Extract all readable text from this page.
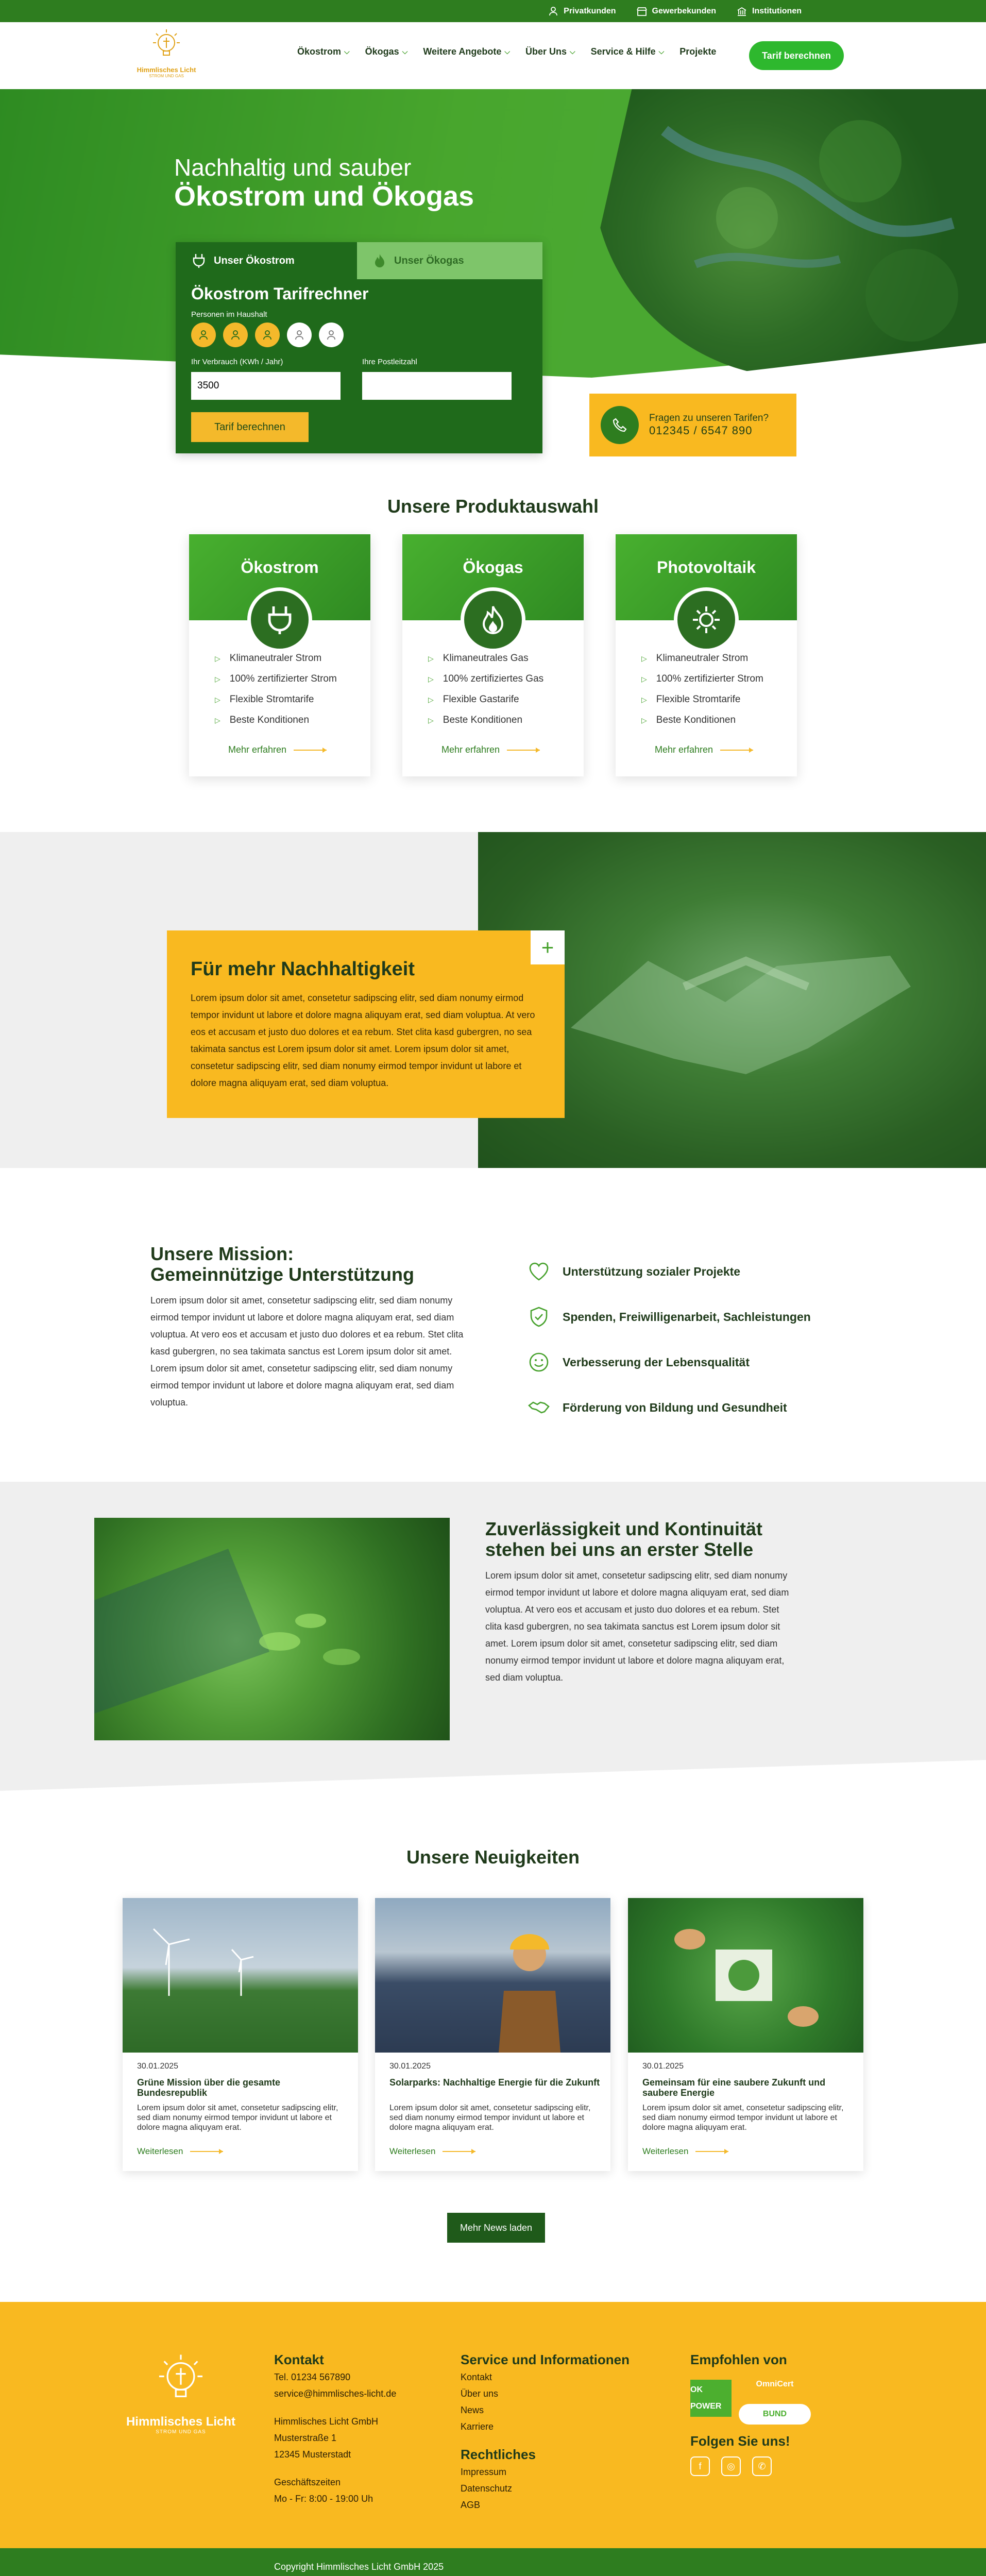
Privatkunden	Gewerbekunden	Institutionen
Himmlisches Licht
STROM UND GAS
Ökostrom ⌵ Ökogas ⌵ Weitere Angebote ⌵ Über Uns ⌵ Service & Hilfe ⌵ Projekte	Tarif berechnen
Nachhaltig und sauber
Ökostrom und Ökogas
Unser Ökostrom	Unser Ökogas
Ökostrom Tarifrechner
Personen im Haushalt
Ihr Verbrauch (KWh / Jahr)	Ihre Postleitzahl
3500
Tarif berechnen
Fragen zu unseren Tarifen?
012345 / 6547 890
Unsere Produktauswahl
Ökostrom
▷ Klimaneutraler Strom
▷ 100% zertifizierter Strom
▷ Flexible Stromtarife
▷ Beste Konditionen
Mehr erfahren
Ökogas
▷ Klimaneutrales Gas
▷ 100% zertifiziertes Gas
▷ Flexible Gastarife
▷ Beste Konditionen
Mehr erfahren
Photovoltaik
▷ Klimaneutraler Strom
▷ 100% zertifizierter Strom
▷ Flexible Stromtarife
▷ Beste Konditionen
Mehr erfahren
Für mehr Nachhaltigkeit

Lorem ipsum dolor sit amet, consetetur sadipscing elitr, sed diam nonumy eirmod tempor invidunt ut labore et dolore magna aliquyam erat, sed diam voluptua. At vero eos et accusam et justo duo dolores et ea rebum. Stet clita kasd gubergren, no sea takimata sanctus est Lorem ipsum dolor sit amet. Lorem ipsum dolor sit amet, consetetur sadipscing elitr, sed diam nonumy eirmod tempor invidunt ut labore et dolore magna aliquyam erat, sed diam voluptua.

+
Unsere Mission:
Gemeinnützige Unterstützung
Lorem ipsum dolor sit amet, consetetur sadipscing elitr, sed diam nonumy eirmod tempor invidunt ut labore et dolore magna aliquyam erat, sed diam voluptua. At vero eos et accusam et justo duo dolores et ea rebum. Stet clita kasd gubergren, no sea takimata sanctus est Lorem ipsum dolor sit amet. Lorem ipsum dolor sit amet, consetetur sadipscing elitr, sed diam nonumy eirmod tempor invidunt ut labore et dolore magna aliquyam erat, sed diam voluptua.
Unterstützung sozialer Projekte
Spenden, Freiwilligenarbeit, Sachleistungen
Verbesserung der Lebensqualität
Förderung von Bildung und Gesundheit
Zuverlässigkeit und Kontinuität
stehen bei uns an erster Stelle
Lorem ipsum dolor sit amet, consetetur sadipscing elitr, sed diam nonumy eirmod tempor invidunt ut labore et dolore magna aliquyam erat, sed diam voluptua. At vero eos et accusam et justo duo dolores et ea rebum. Stet clita kasd gubergren, no sea takimata sanctus est Lorem ipsum dolor sit amet. Lorem ipsum dolor sit amet, consetetur sadipscing elitr, sed diam nonumy eirmod tempor invidunt ut labore et dolore magna aliquyam erat, sed diam voluptua.
Unsere Neuigkeiten
30.01.2025
Grüne Mission über die gesamte Bundesrepublik
Lorem ipsum dolor sit amet, consetetur sadipscing elitr, sed diam nonumy eirmod tempor invidunt ut labore et dolore magna aliquyam erat.
Weiterlesen
30.01.2025
Solarparks: Nachhaltige Energie für die Zukunft
Lorem ipsum dolor sit amet, consetetur sadipscing elitr, sed diam nonumy eirmod tempor invidunt ut labore et dolore magna aliquyam erat.
Weiterlesen
30.01.2025
Gemeinsam für eine saubere Zukunft und saubere Energie
Lorem ipsum dolor sit amet, consetetur sadipscing elitr, sed diam nonumy eirmod tempor invidunt ut labore et dolore magna aliquyam erat.
Weiterlesen
Mehr News laden
Himmlisches Licht
STROM UND GAS
Kontakt
Tel. 01234 567890
service@himmlisches-licht.de
Himmlisches Licht GmbH
Musterstraße 1
12345 Musterstadt
Geschäftszeiten
Mo - Fr: 8:00 - 19:00 Uh
Service und Informationen
Kontakt
Über uns
News
Karriere
Rechtliches
Impressum
Datenschutz
AGB
Empfohlen von
OK POWER
OmniCert
BUND
Folgen Sie uns!
f	◎	✆
Copyright Himmlisches Licht GmbH 2025
